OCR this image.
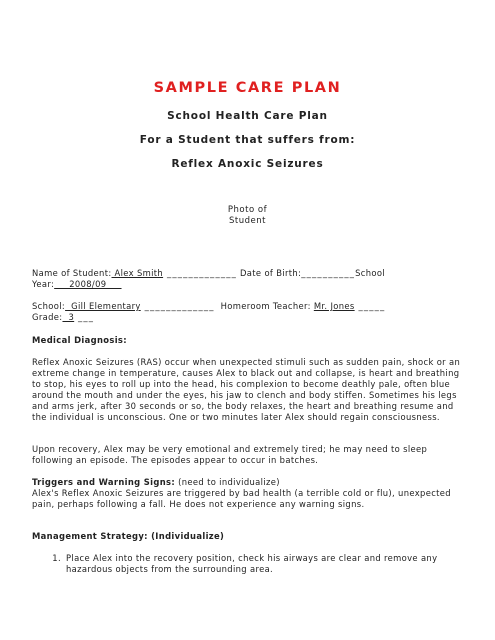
SAMPLE CARE PLAN
School Health Care Plan
For a Student that suffers from:
Reflex Anoxic Seizures
Photo of
Student
Name of Student: Alex Smith _____________ Date of Birth:__________School
Year:     2008/09
School:  Gill Elementary _____________  Homeroom Teacher: Mr. Jones _____
Grade:  3 ___
Medical Diagnosis:
Reflex Anoxic Seizures (RAS) occur when unexpected stimuli such as sudden pain, shock or an extreme change in temperature, causes Alex to black out and collapse, is heart and breathing to stop, his eyes to roll up into the head, his complexion to become deathly pale, often blue around the mouth and under the eyes, his jaw to clench and body stiffen. Sometimes his legs and arms jerk, after 30 seconds or so, the body relaxes, the heart and breathing resume and the individual is unconscious. One or two minutes later Alex should regain consciousness.
Upon recovery, Alex may be very emotional and extremely tired; he may need to sleep following an episode. The episodes appear to occur in batches.
Triggers and Warning Signs: (need to individualize)
Alex's Reflex Anoxic Seizures are triggered by bad health (a terrible cold or flu), unexpected pain, perhaps following a fall. He does not experience any warning signs.
Management Strategy: (Individualize)
1. Place Alex into the recovery position, check his airways are clear and remove any hazardous objects from the surrounding area.
